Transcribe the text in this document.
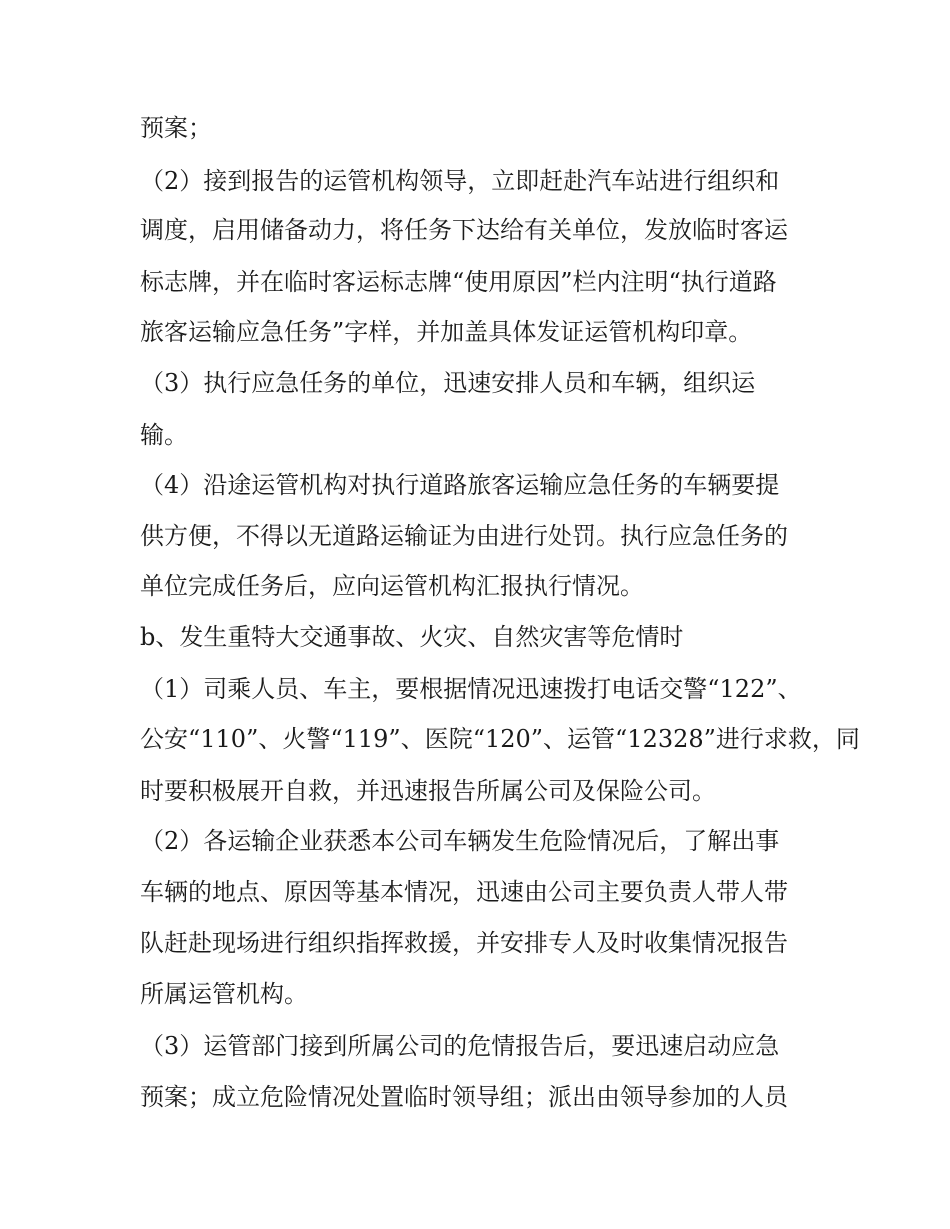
预案；

（2）接到报告的运管机构领导，立即赶赴汽车站进行组织和

调度，启用储备动力，将任务下达给有关单位，发放临时客运

标志牌，并在临时客运标志牌“使用原因”栏内注明“执行道路

旅客运输应急任务”字样，并加盖具体发证运管机构印章。

（3）执行应急任务的单位，迅速安排人员和车辆，组织运

输。

（4）沿途运管机构对执行道路旅客运输应急任务的车辆要提

供方便，不得以无道路运输证为由进行处罚。执行应急任务的

单位完成任务后，应向运管机构汇报执行情况。

b、发生重特大交通事故、火灾、自然灾害等危情时

（1）司乘人员、车主，要根据情况迅速拨打电话交警“122”、

公安“110”、火警“119”、医院“120”、运管“12328”进行求救，同

时要积极展开自救，并迅速报告所属公司及保险公司。

（2）各运输企业获悉本公司车辆发生危险情况后，了解出事

车辆的地点、原因等基本情况，迅速由公司主要负责人带人带

队赶赴现场进行组织指挥救援，并安排专人及时收集情况报告

所属运管机构。

（3）运管部门接到所属公司的危情报告后，要迅速启动应急

预案；成立危险情况处置临时领导组；派出由领导参加的人员
